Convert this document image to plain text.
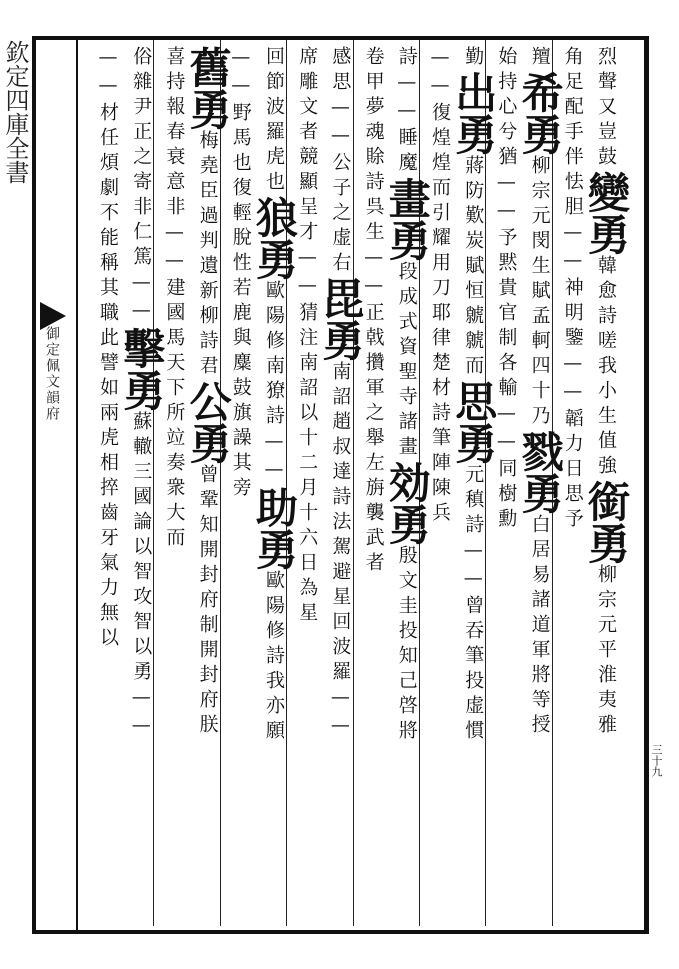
欽定四庫全書
御定佩文韻府
三十九
烈聲又豈鼓
變勇
韓愈詩嗟我小生值強
銜勇
柳宗元平淮夷雅
角足配手
伴怯胆——神明鑒
——韜力日思予
羶
希勇
柳宗元閔生賦孟軻四十乃
戮勇
白居易諸道軍將等授
始持心兮猶——予黙貴
官制各輸——同樹勳
勤
出勇
蔣防歎炭賦恒虩虩而
思勇
元稹詩——曾吞筆投虚慣
——復煌煌而引耀
用刀耶律楚材詩筆陣陳兵
詩——睡魔
畫勇
段成式資聖寺諸畫
効勇
殷文圭投知己啓將
卷甲夢魂賖
詩呉生——正戟攢
軍之舉左旃襲武者
感思——公子之虚右
毘勇
南詔趙叔達詩法駕避星回波羅——
席雕文者競顯呈才
——猜注南詔以十二月十六日為星
回節波羅虎也
狼勇
歐陽修南獠詩——
助勇
歐陽修詩我亦願
——野馬也
復輕脫性若鹿與麋
鼓旗譟其旁
舊勇
梅堯臣過判遺新柳詩君
公勇
曾鞏知開封府制開封府朕
喜持報春衰意非——
建國馬天下所竝奏衆大而
俗雜尹正之寄非仁篤——
擊勇
蘇轍三國論以智攻智以勇——
——材任煩劇不能稱其職
此譬如兩虎相捽齒牙氣力無以
